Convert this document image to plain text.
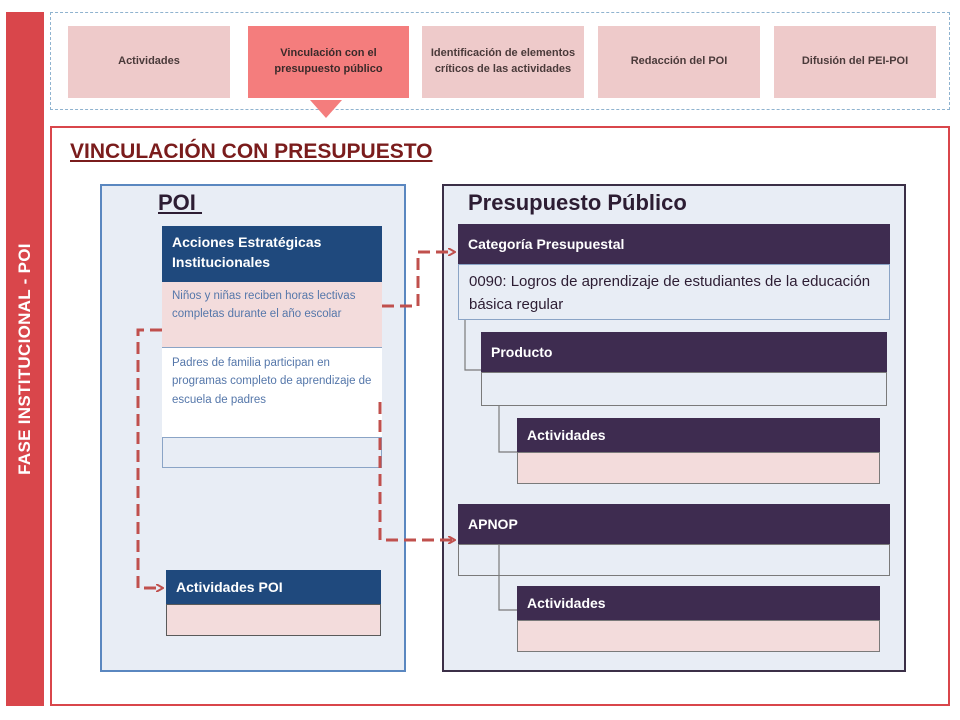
FASE INSTITUCIONAL - POI
Actividades
Vinculación con el presupuesto público
Identificación de elementos críticos de las actividades
Redacción del POI	Difusión del PEI-POI
VINCULACIÓN CON PRESUPUESTO
POI
Acciones Estratégicas Institucionales
Niños y niñas reciben horas lectivas completas durante el año escolar
Padres de familia participan en programas completo de aprendizaje de escuela de padres
Actividades POI
Presupuesto Público
Categoría Presupuestal
0090: Logros de aprendizaje de estudiantes de la educación básica regular
Producto
Actividades
APNOP
Actividades
